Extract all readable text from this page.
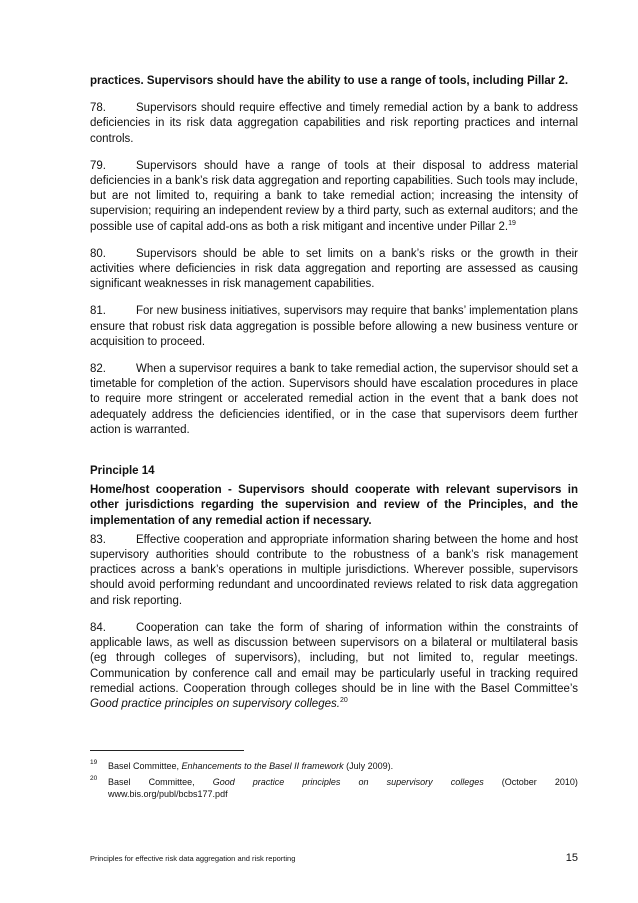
practices. Supervisors should have the ability to use a range of tools, including Pillar 2.

78.	Supervisors should require effective and timely remedial action by a bank to address deficiencies in its risk data aggregation capabilities and risk reporting practices and internal controls.

79.	Supervisors should have a range of tools at their disposal to address material deficiencies in a bank’s risk data aggregation and reporting capabilities. Such tools may include, but are not limited to, requiring a bank to take remedial action; increasing the intensity of supervision; requiring an independent review by a third party, such as external auditors; and the possible use of capital add-ons as both a risk mitigant and incentive under Pillar 2.19

80.	Supervisors should be able to set limits on a bank’s risks or the growth in their activities where deficiencies in risk data aggregation and reporting are assessed as causing significant weaknesses in risk management capabilities.

81.	For new business initiatives, supervisors may require that banks’ implementation plans ensure that robust risk data aggregation is possible before allowing a new business venture or acquisition to proceed.

82.	When a supervisor requires a bank to take remedial action, the supervisor should set a timetable for completion of the action. Supervisors should have escalation procedures in place to require more stringent or accelerated remedial action in the event that a bank does not adequately address the deficiencies identified, or in the case that supervisors deem further action is warranted.

Principle 14

Home/host cooperation - Supervisors should cooperate with relevant supervisors in other jurisdictions regarding the supervision and review of the Principles, and the implementation of any remedial action if necessary.

83.	Effective cooperation and appropriate information sharing between the home and host supervisory authorities should contribute to the robustness of a bank’s risk management practices across a bank’s operations in multiple jurisdictions. Wherever possible, supervisors should avoid performing redundant and uncoordinated reviews related to risk data aggregation and risk reporting.

84.	Cooperation can take the form of sharing of information within the constraints of applicable laws, as well as discussion between supervisors on a bilateral or multilateral basis (eg through colleges of supervisors), including, but not limited to, regular meetings. Communication by conference call and email may be particularly useful in tracking required remedial actions. Cooperation through colleges should be in line with the Basel Committee’s Good practice principles on supervisory colleges.$^{20}$

19 Basel Committee, Enhancements to the Basel II framework (July 2009).
20 Basel Committee, Good practice principles on supervisory colleges (October 2010)
www.bis.org/publ/bcbs177.pdf
Principles for effective risk data aggregation and risk reporting	15
